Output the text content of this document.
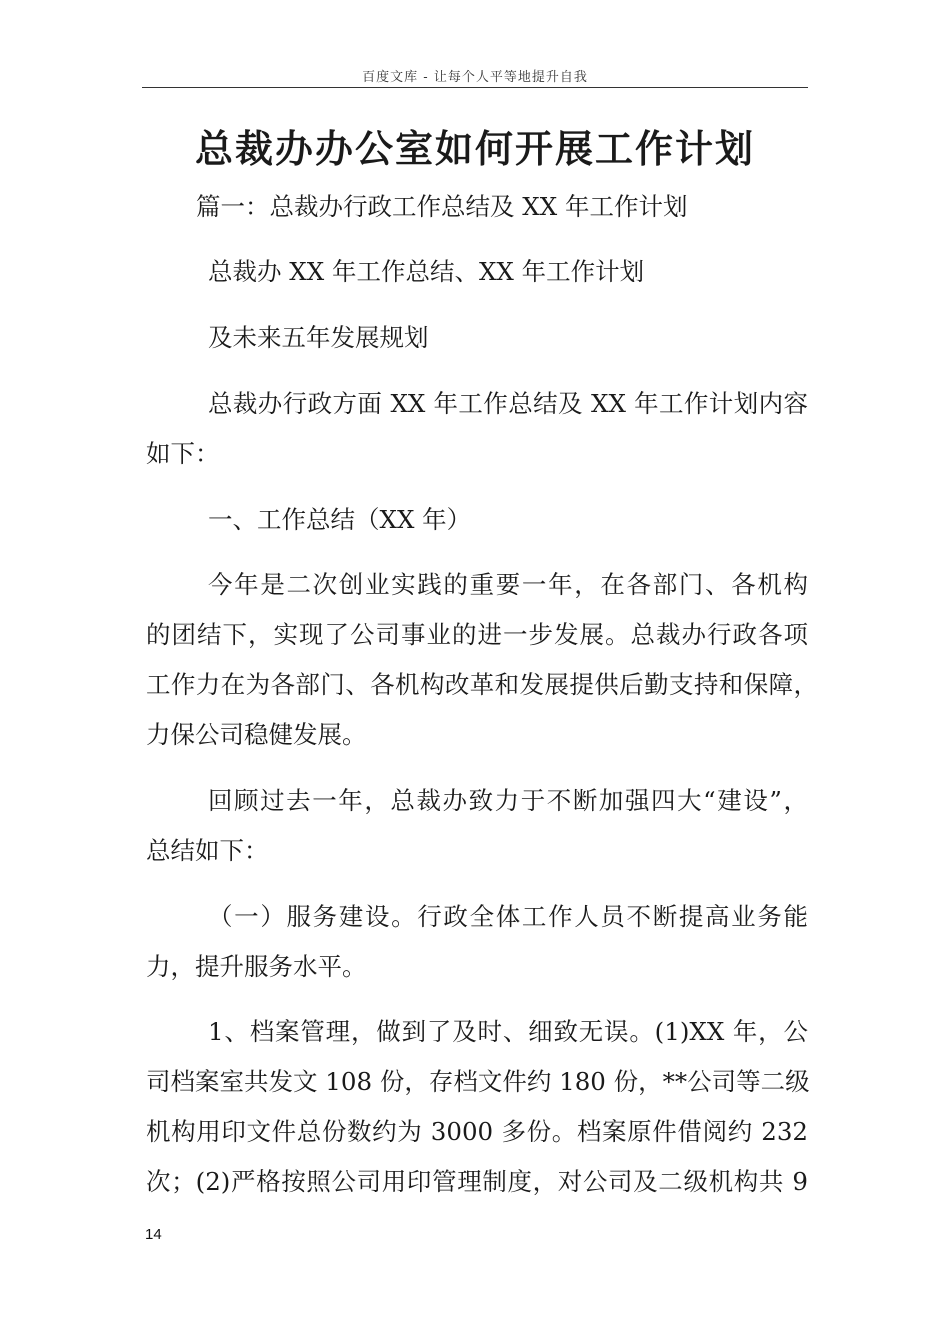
百度文库 - 让每个人平等地提升自我
总裁办办公室如何开展工作计划
篇一：总裁办行政工作总结及 XX 年工作计划
总裁办 XX 年工作总结、XX 年工作计划
及未来五年发展规划
总裁办行政方面 XX 年工作总结及 XX 年工作计划内容
如下：
一、工作总结（XX 年）
今年是二次创业实践的重要一年，在各部门、各机构
的团结下，实现了公司事业的进一步发展。总裁办行政各项
工作力在为各部门、各机构改革和发展提供后勤支持和保障，
力保公司稳健发展。
回顾过去一年，总裁办致力于不断加强四大“建设”，
总结如下：
（一）服务建设。行政全体工作人员不断提高业务能
力，提升服务水平。
1、档案管理，做到了及时、细致无误。(1)XX 年，公
司档案室共发文 108 份，存档文件约 180 份，**公司等二级
机构用印文件总份数约为 3000 多份。档案原件借阅约 232
次；(2)严格按照公司用印管理制度，对公司及二级机构共 9
14
